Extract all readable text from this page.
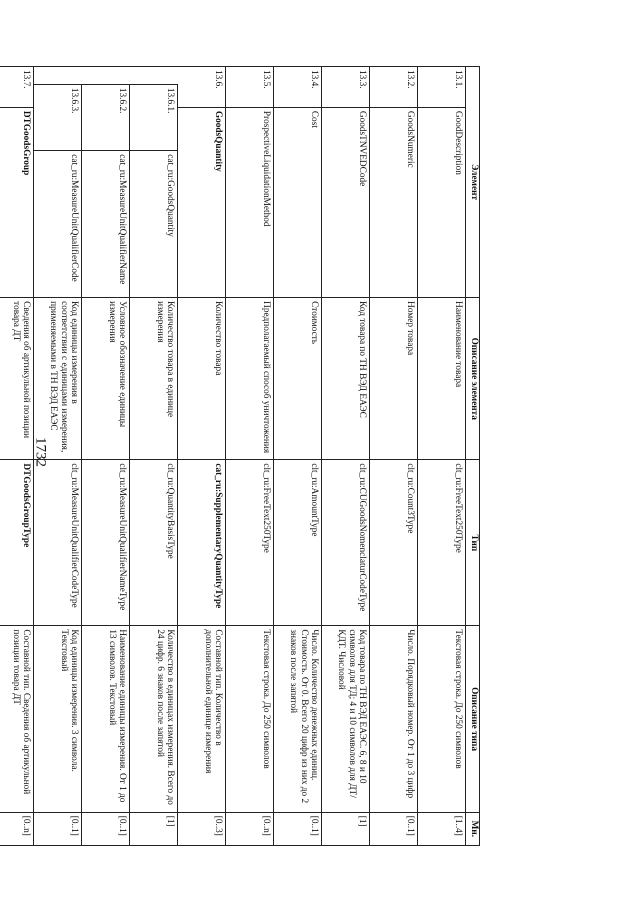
1732
Элемент				Описание элемента	Тип	Описание типа	Мн.
13.1.		GoodDescription		Наименование товара	clt_ru:FreeText250Type	Текстовая строка. До 250 символов	[1..4]
13.2.		GoodsNumeric		Номер товара	clt_ru:Count3Type	Число. Порядковый номер. От 1 до 3 цифр	[0..1]
13.3.		GoodsTNVEDCode		Код товара по ТН ВЭД ЕАЭС	clt_ru:CUGoodsNomenclaturCodeType	Код товара по ТН ВЭД ЕАЭС. 6, 8 и 10 символов для ТД; 4 и 10 символов для ДТ/КДТ. Числовой	[1]
13.4.		Cost		Стоимость	clt_ru:AmountType	Число. Количество денежных единиц. Стоимость. От 0. Всего 20 цифр из них до 2 знаков после запятой	[0..1]
13.5.		ProspectiveLiquidationMethod		Предполагаемый способ уничтожения	clt_ru:FreeText250Type	Текстовая строка. До 250 символов	[0..n]
13.6.		GoodsQuantity		Количество товара	cat_ru:SupplementaryQuantityType	Составной тип. Количество в дополнительной единице измерения	[0..3]
	13.6.1.		cat_ru:GoodsQuantity	Количество товара в единице измерения	clt_ru:QuantityBasisType	Количество в единицах измерения. Всего до 24 цифр. 6 знаков после запятой	[1]
	13.6.2.		cat_ru:MeasureUnitQualifierName	Условное обозначение единицы измерения	clt_ru:MeasureUnitQualifierNameType	Наименование единицы измерения. От 1 до 13 символов. Текстовый	[0..1]
	13.6.3.		cat_ru:MeasureUnitQualifierCode	Код единицы измерения в соответствии с единицами измерения, применяемыми в ТН ВЭД ЕАЭС	clt_ru:MeasureUnitQualifierCodeType	Код единицы измерения. 3 символа. Текстовый	[0..1]
13.7.		DTGoodsGroup		Сведения об артикульной позиции товара ДТ	DTGoodsGroupType	Составной тип. Сведения об артикульной позиции товара ДТ	[0..n]
